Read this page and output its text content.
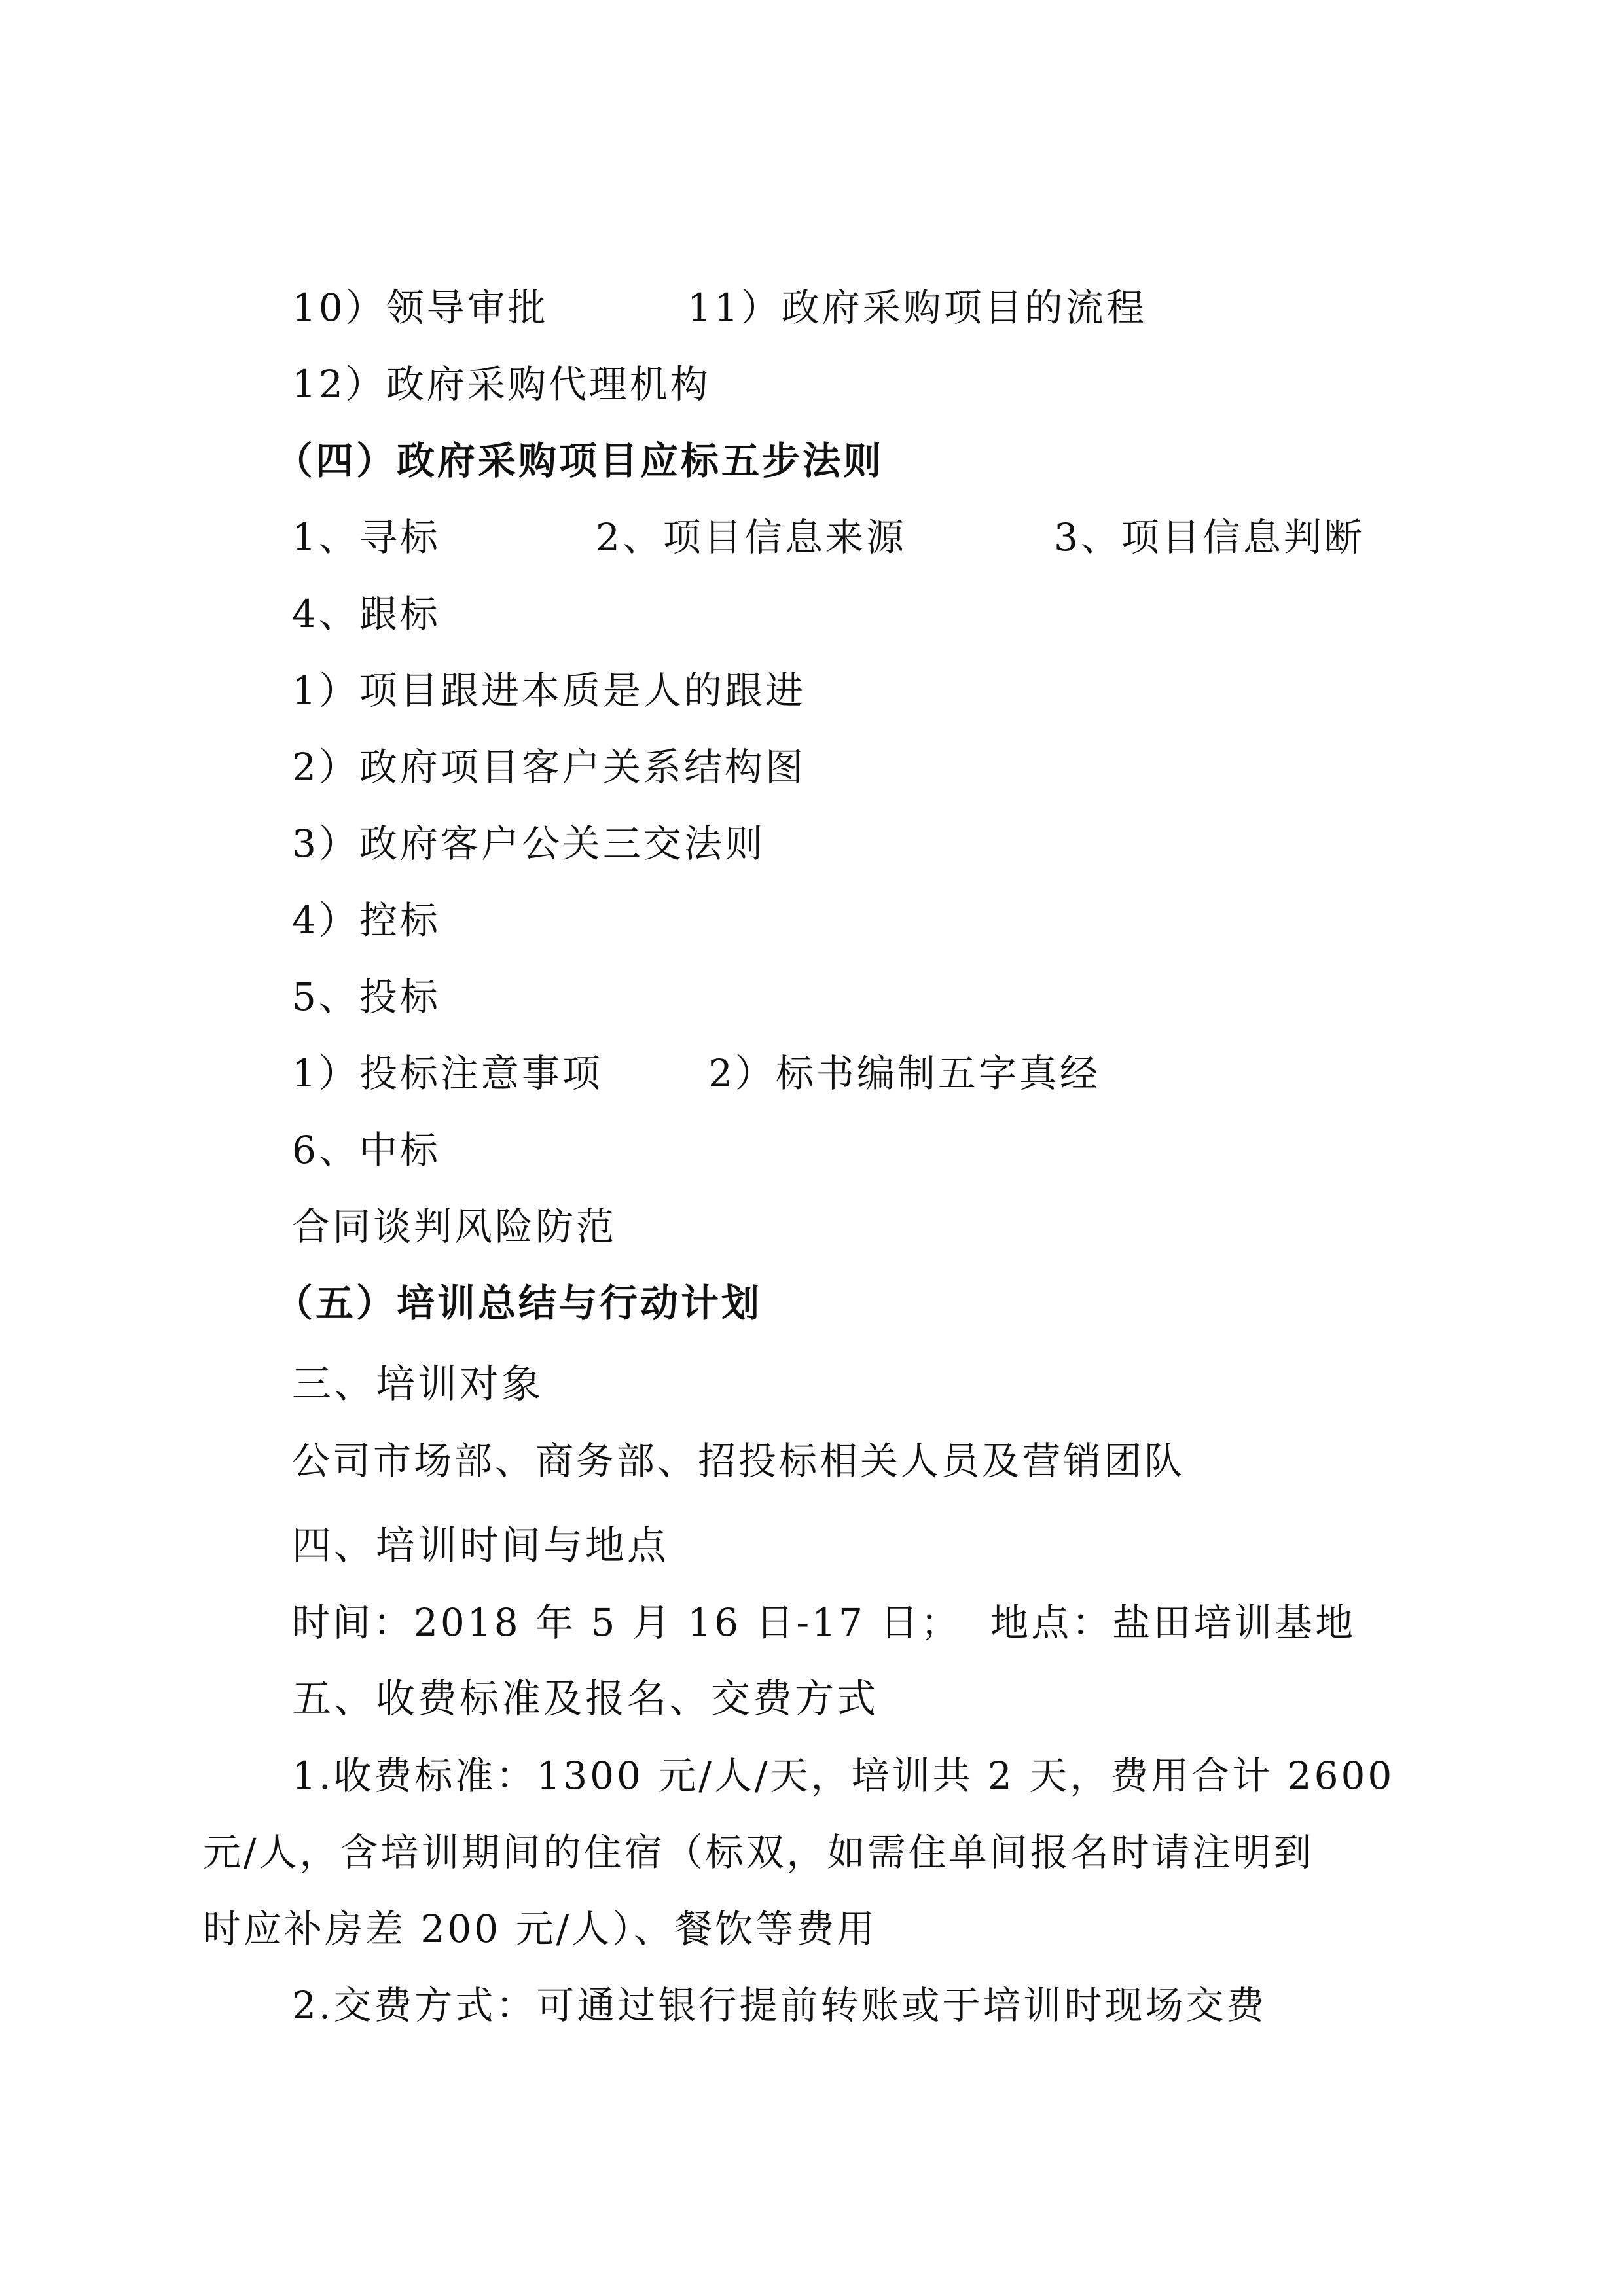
10）领导审批	11）政府采购项目的流程
12）政府采购代理机构
（四）政府采购项目应标五步法则
1、寻标	2、项目信息来源	3、项目信息判断
4、跟标
1）项目跟进本质是人的跟进
2）政府项目客户关系结构图
3）政府客户公关三交法则
4）控标
5、投标
1）投标注意事项	2）标书编制五字真经
6、中标
合同谈判风险防范
（五）培训总结与行动计划
三、培训对象
公司市场部、商务部、招投标相关人员及营销团队
四、培训时间与地点
时间：2018 年 5 月 16 日-17 日；  地点：盐田培训基地
五、收费标准及报名、交费方式
1.收费标准：1300 元/人/天，培训共 2 天，费用合计 2600
元/人，含培训期间的住宿（标双，如需住单间报名时请注明到
时应补房差 200 元/人）、餐饮等费用
2.交费方式：可通过银行提前转账或于培训时现场交费
